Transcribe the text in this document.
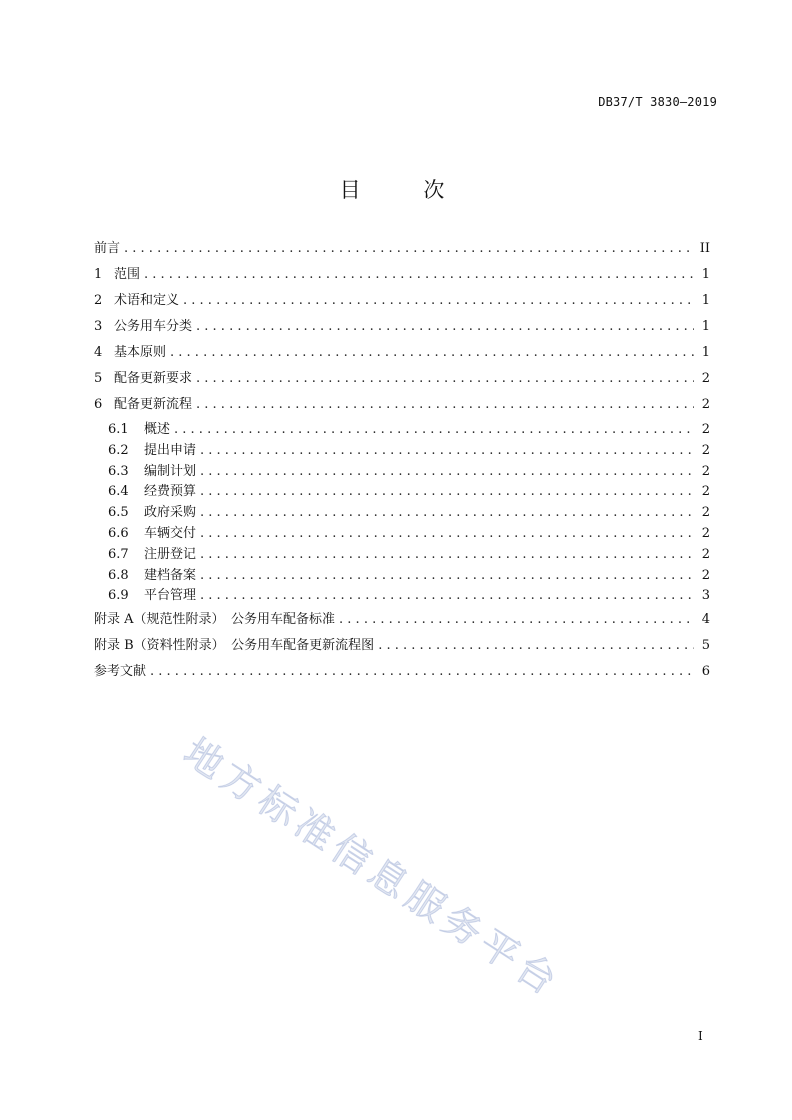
DB37/T 3830—2019
目 次
前言 . . .	II
1 范围 . . .	1
2 术语和定义 . . .	1
3 公务用车分类 . . .	1
4 基本原则 . . .	1
5 配备更新要求 . . .	2
6 配备更新流程 . . .	2
6.1	概述 . . .	2
6.2	提出申请 . . .	2
6.3	编制计划 . . .	2
6.4	经费预算 . . .	2
6.5	政府采购 . . .	2
6.6	车辆交付 . . .	2
6.7	注册登记 . . .	2
6.8	建档备案 . . .	2
6.9	平台管理 . . .	3
附录 A（规范性附录）　公务用车配备标准 . . .	4
附录 B（资料性附录）　公务用车配备更新流程图 . . .	5
参考文献 . . .	6
地方标准信息服务平台
I
